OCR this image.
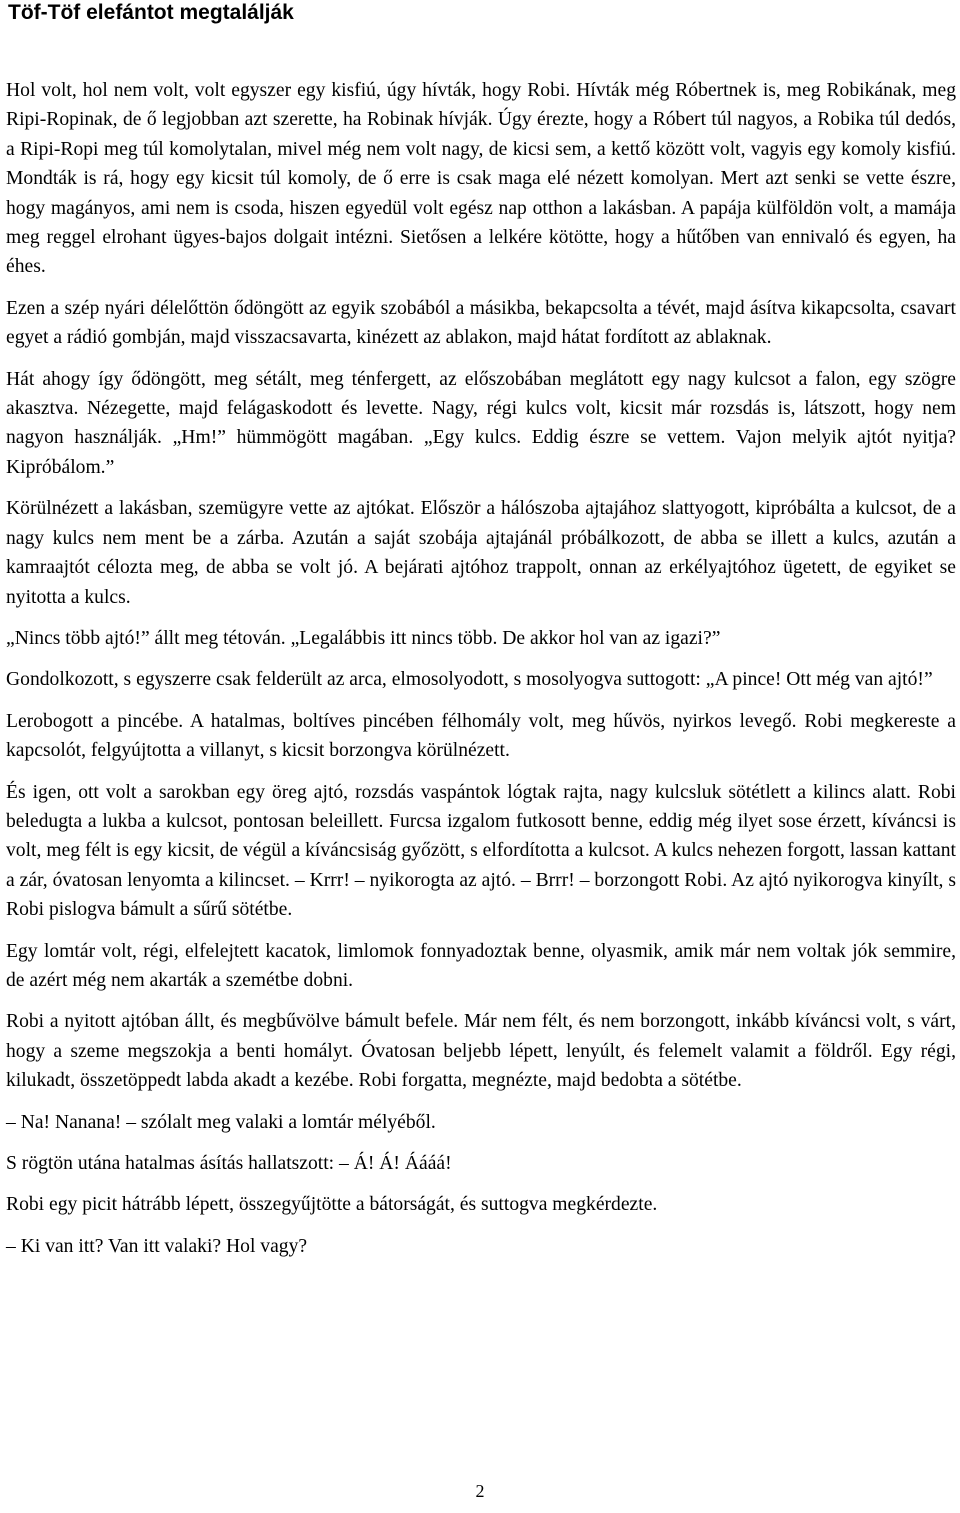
Töf-Töf elefántot megtalálják

Hol volt, hol nem volt, volt egyszer egy kisfiú, úgy hívták, hogy Robi. Hívták még Róbertnek is, meg Robikának, meg Ripi-Ropinak, de ő legjobban azt szerette, ha Robinak hívják. Úgy érezte, hogy a Róbert túl nagyos, a Robika túl dedós, a Ripi-Ropi meg túl komolytalan, mivel még nem volt nagy, de kicsi sem, a kettő között volt, vagyis egy komoly kisfiú. Mondták is rá, hogy egy kicsit túl komoly, de ő erre is csak maga elé nézett komolyan. Mert azt senki se vette észre, hogy magányos, ami nem is csoda, hiszen egyedül volt egész nap otthon a lakásban. A papája külföldön volt, a mamája meg reggel elrohant ügyes-bajos dolgait intézni. Sietősen a lelkére kötötte, hogy a hűtőben van ennivaló és egyen, ha éhes.

Ezen a szép nyári délelőttön ődöngött az egyik szobából a másikba, bekapcsolta a tévét, majd ásítva kikapcsolta, csavart egyet a rádió gombján, majd visszacsavarta, kinézett az ablakon, majd hátat fordított az ablaknak.

Hát ahogy így ődöngött, meg sétált, meg ténfergett, az előszobában meglátott egy nagy kulcsot a falon, egy szögre akasztva. Nézegette, majd felágaskodott és levette. Nagy, régi kulcs volt, kicsit már rozsdás is, látszott, hogy nem nagyon használják. „Hm!” hümmögött magában. „Egy kulcs. Eddig észre se vettem. Vajon melyik ajtót nyitja? Kipróbálom.”

Körülnézett a lakásban, szemügyre vette az ajtókat. Először a hálószoba ajtajához slattyogott, kipróbálta a kulcsot, de a nagy kulcs nem ment be a zárba. Azután a saját szobája ajtajánál próbálkozott, de abba se illett a kulcs, azután a kamraajtót célozta meg, de abba se volt jó. A bejárati ajtóhoz trappolt, onnan az erkélyajtóhoz ügetett, de egyiket se nyitotta a kulcs.

„Nincs több ajtó!” állt meg tétován. „Legalábbis itt nincs több. De akkor hol van az igazi?”

Gondolkozott, s egyszerre csak felderült az arca, elmosolyodott, s mosolyogva suttogott: „A pince! Ott még van ajtó!”

Lerobogott a pincébe. A hatalmas, boltíves pincében félhomály volt, meg hűvös, nyirkos levegő. Robi megkereste a kapcsolót, felgyújtotta a villanyt, s kicsit borzongva körülnézett.

És igen, ott volt a sarokban egy öreg ajtó, rozsdás vaspántok lógtak rajta, nagy kulcsluk sötétlett a kilincs alatt. Robi beledugta a lukba a kulcsot, pontosan beleillett. Furcsa izgalom futkosott benne, eddig még ilyet sose érzett, kíváncsi is volt, meg félt is egy kicsit, de végül a kíváncsiság győzött, s elfordította a kulcsot. A kulcs nehezen forgott, lassan kattant a zár, óvatosan lenyomta a kilincset. – Krrr! – nyikorogta az ajtó. – Brrr! – borzongott Robi. Az ajtó nyikorogva kinyílt, s Robi pislogva bámult a sűrű sötétbe.

Egy lomtár volt, régi, elfelejtett kacatok, limlomok fonnyadoztak benne, olyasmik, amik már nem voltak jók semmire, de azért még nem akarták a szemétbe dobni.

Robi a nyitott ajtóban állt, és megbűvölve bámult befele. Már nem félt, és nem borzongott, inkább kíváncsi volt, s várt, hogy a szeme megszokja a benti homályt. Óvatosan beljebb lépett, lenyúlt, és felemelt valamit a földről. Egy régi, kilukadt, összetöppedt labda akadt a kezébe. Robi forgatta, megnézte, majd bedobta a sötétbe.

– Na! Nanana! – szólalt meg valaki a lomtár mélyéből.

S rögtön utána hatalmas ásítás hallatszott: – Á! Á! Áááá!

Robi egy picit hátrább lépett, összegyűjtötte a bátorságát, és suttogva megkérdezte.

– Ki van itt? Van itt valaki? Hol vagy?

2
